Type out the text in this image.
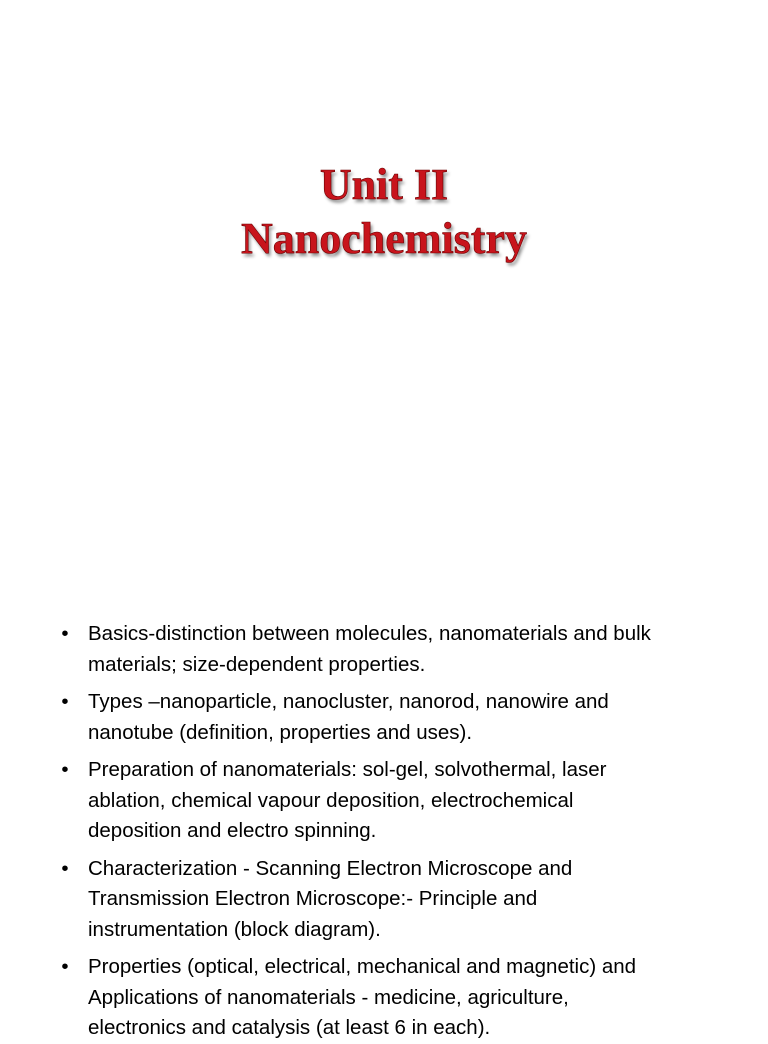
Unit II
Nanochemistry
• Basics-distinction between molecules, nanomaterials and bulk
materials; size-dependent properties.
• Types –nanoparticle, nanocluster, nanorod, nanowire and
nanotube (definition, properties and uses).
• Preparation of nanomaterials: sol-gel, solvothermal, laser
ablation, chemical vapour deposition, electrochemical
deposition and electro spinning.
• Characterization - Scanning Electron Microscope and
Transmission Electron Microscope:- Principle and
instrumentation (block diagram).
• Properties (optical, electrical, mechanical and magnetic) and
Applications of nanomaterials - medicine, agriculture,
electronics and catalysis (at least 6 in each).
